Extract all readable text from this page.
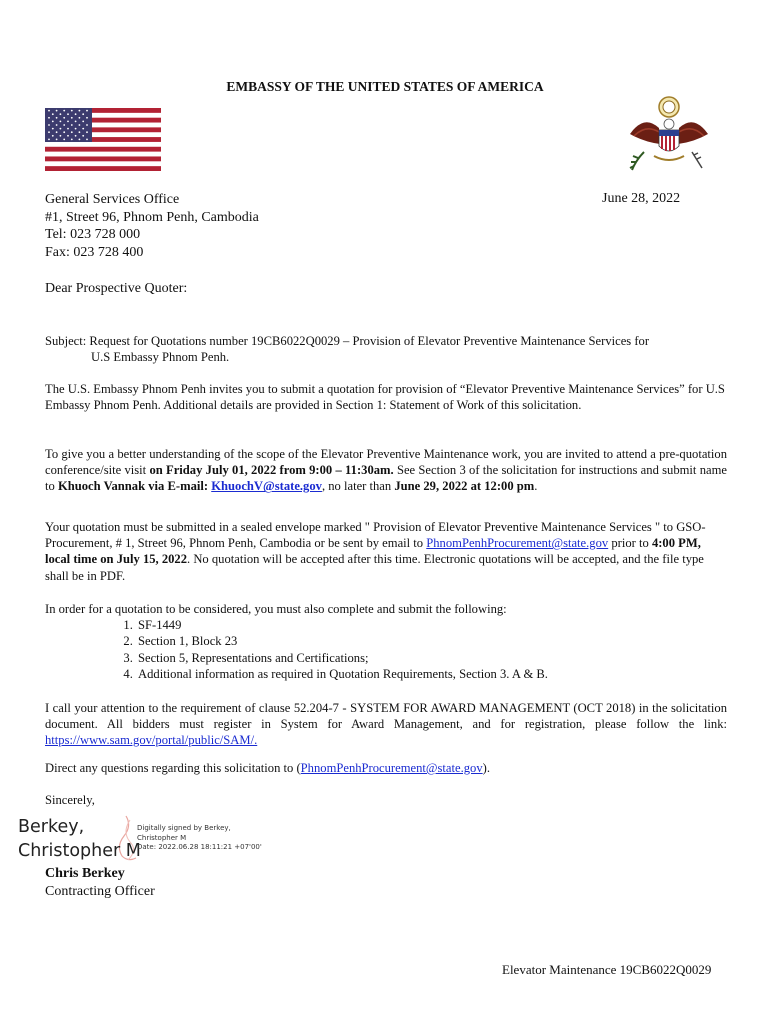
EMBASSY OF THE UNITED STATES OF AMERICA
General Services Office
#1, Street 96, Phnom Penh, Cambodia
Tel: 023 728 000
Fax: 023 728 400
June 28, 2022
Dear Prospective Quoter:
Subject: Request for Quotations number 19CB6022Q0029 – Provision of Elevator Preventive Maintenance Services for
U.S Embassy Phnom Penh.
The U.S. Embassy Phnom Penh invites you to submit a quotation for provision of “Elevator Preventive Maintenance Services” for U.S Embassy Phnom Penh. Additional details are provided in Section 1: Statement of Work of this solicitation.
To give you a better understanding of the scope of the Elevator Preventive Maintenance work, you are invited to attend a pre-quotation conference/site visit on Friday July 01, 2022 from 9:00 – 11:30am. See Section 3 of the solicitation for instructions and submit name to Khuoch Vannak via E-mail: KhuochV@state.gov, no later than June 29, 2022 at 12:00 pm.
Your quotation must be submitted in a sealed envelope marked " Provision of Elevator Preventive Maintenance Services " to GSO-Procurement, # 1, Street 96, Phnom Penh, Cambodia or be sent by email to PhnomPenhProcurement@state.gov prior to 4:00 PM, local time on July 15, 2022. No quotation will be accepted after this time. Electronic quotations will be accepted, and the file type shall be in PDF.
In order for a quotation to be considered, you must also complete and submit the following:
1. SF-1449
2. Section 1, Block 23
3. Section 5, Representations and Certifications;
4. Additional information as required in Quotation Requirements, Section 3. A & B.
I call your attention to the requirement of clause 52.204-7 - SYSTEM FOR AWARD MANAGEMENT (OCT 2018) in the solicitation document. All bidders must register in System for Award Management, and for registration, please follow the link: https://www.sam.gov/portal/public/SAM/.
Direct any questions regarding this solicitation to (PhnomPenhProcurement@state.gov).
Sincerely,
Berkey,
Christopher M
Digitally signed by Berkey,
Christopher M
Date: 2022.06.28 18:11:21 +07'00'
Chris Berkey
Contracting Officer
Elevator Maintenance 19CB6022Q0029
